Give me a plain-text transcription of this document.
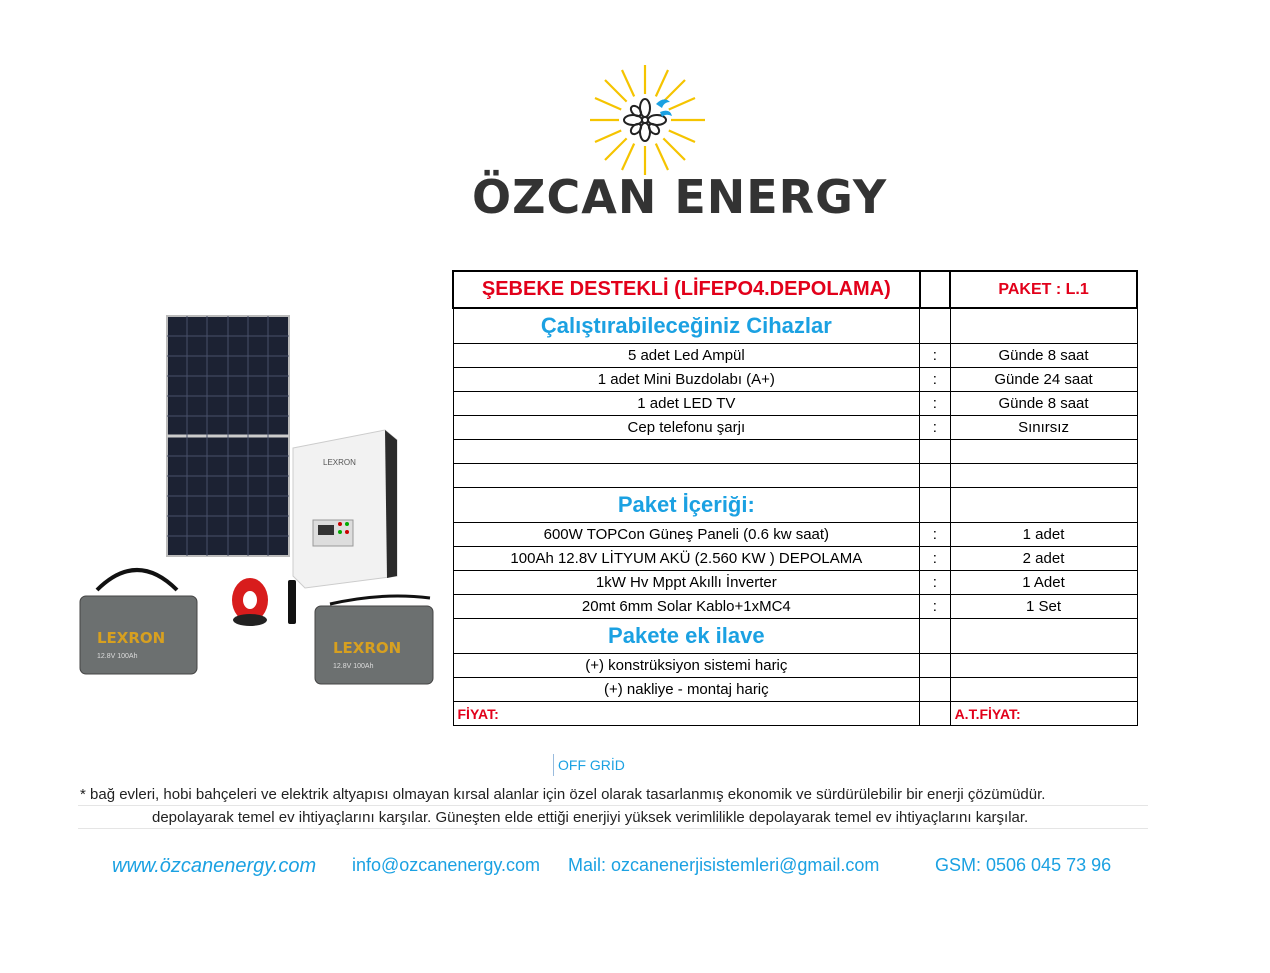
ÖZCAN ENERGY
LEXRON
LEXRON
12.8V 100Ah	LEXRON
12.8V 100Ah
ŞEBEKE DESTEKLİ (LİFEPO4.DEPOLAMA)		PAKET : L.1
Çalıştırabileceğiniz Cihazlar		
5 adet Led Ampül	:	Günde 8 saat
1 adet Mini Buzdolabı (A+)	:	Günde 24 saat
1 adet LED TV	:	Günde 8 saat
Cep telefonu şarjı	:	Sınırsız

Paket İçeriği:		
600W TOPCon Güneş Paneli (0.6 kw saat)	:	1 adet
100Ah 12.8V LİTYUM AKÜ (2.560 KW ) DEPOLAMA	:	2 adet
1kW Hv Mppt Akıllı İnverter	:	1 Adet
20mt 6mm Solar Kablo+1xMC4	:	1 Set
Pakete ek ilave		
(+) konstrüksiyon sistemi hariç		
(+) nakliye - montaj hariç		
FİYAT:		A.T.FİYAT:
OFF GRİD
* bağ evleri, hobi bahçeleri ve elektrik altyapısı olmayan kırsal alanlar için özel olarak tasarlanmış ekonomik ve sürdürülebilir bir enerji çözümüdür.
depolayarak temel ev ihtiyaçlarını karşılar. Güneşten elde ettiği enerjiyi yüksek verimlilikle depolayarak temel ev ihtiyaçlarını karşılar.
www.özcanenergy.com info@ozcanenergy.com Mail: ozcanenerjisistemleri@gmail.com	GSM: 0506 045 73 96
